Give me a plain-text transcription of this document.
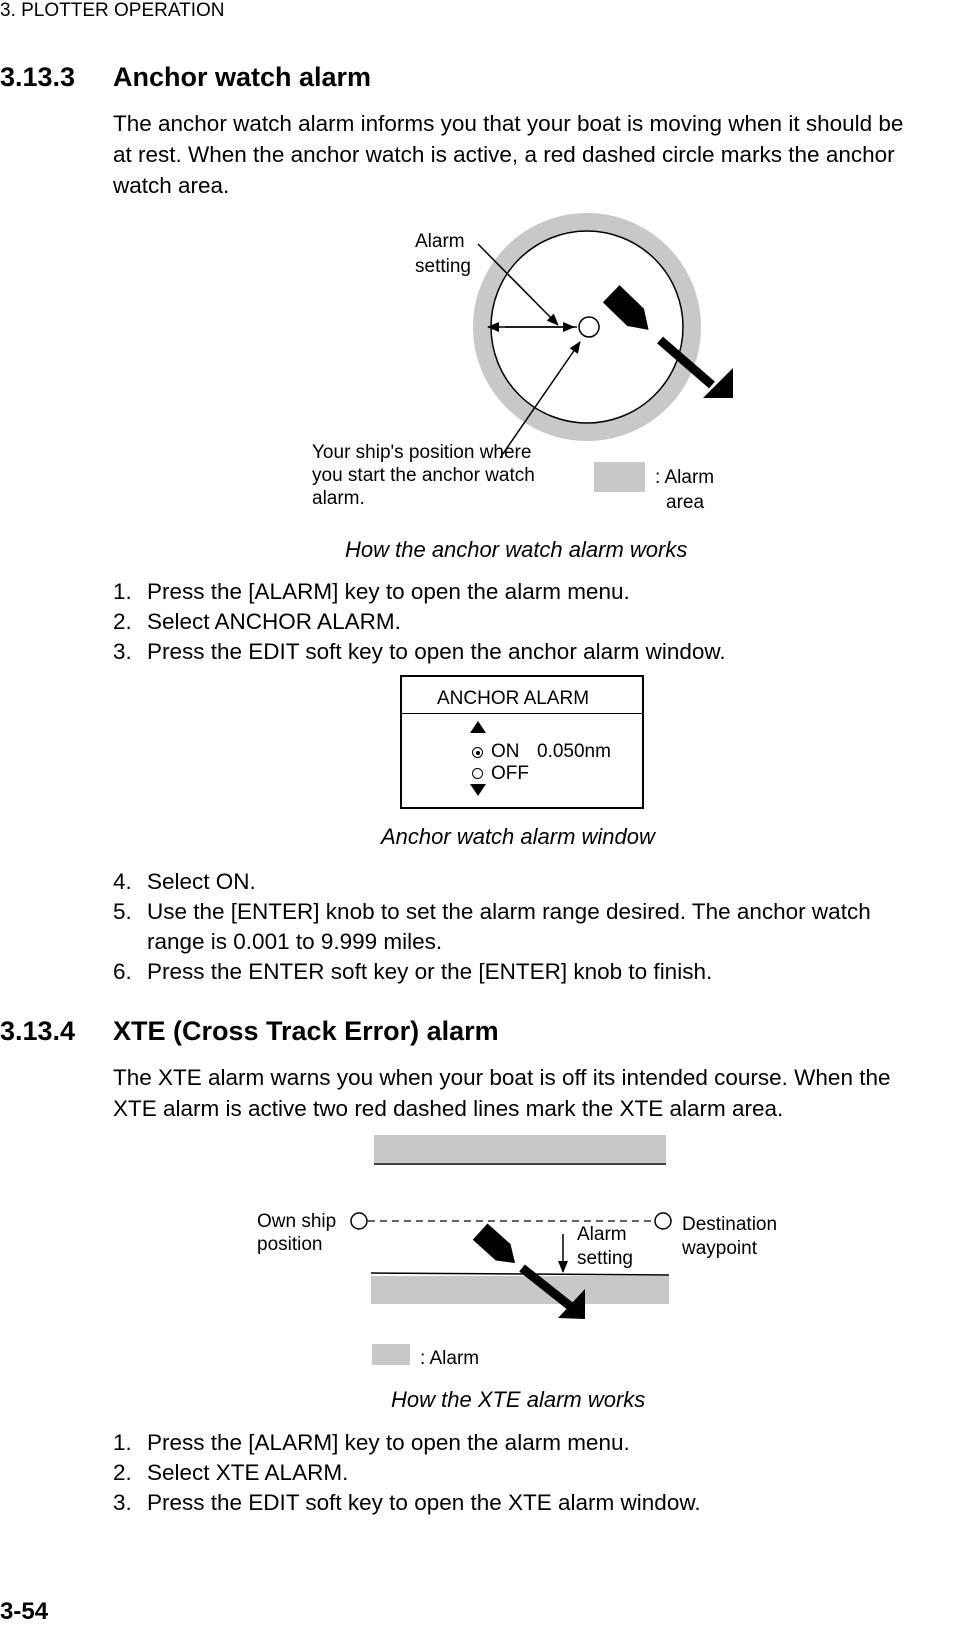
3. PLOTTER OPERATION
3.13.3 Anchor watch alarm
The anchor watch alarm informs you that your boat is moving when it should be at rest. When the anchor watch is active, a red dashed circle marks the anchor watch area.
Alarm
setting
Your ship's position where
you start the anchor watch
alarm.
: Alarm
area
How the anchor watch alarm works
1. Press the [ALARM] key to open the alarm menu.
2. Select ANCHOR ALARM.
3. Press the EDIT soft key to open the anchor alarm window.
ANCHOR ALARM
ON 0.050nm
OFF
Anchor watch alarm window
4. Select ON.
5. Use the [ENTER] knob to set the alarm range desired. The anchor watch
range is 0.001 to 9.999 miles.
6. Press the ENTER soft key or the [ENTER] knob to finish.
3.13.4 XTE (Cross Track Error) alarm
The XTE alarm warns you when your boat is off its intended course. When the XTE alarm is active two red dashed lines mark the XTE alarm area.
Own ship
position	Alarm
setting
Destination
waypoint
: Alarm
How the XTE alarm works
1. Press the [ALARM] key to open the alarm menu.
2. Select XTE ALARM.
3. Press the EDIT soft key to open the XTE alarm window.
3-54
